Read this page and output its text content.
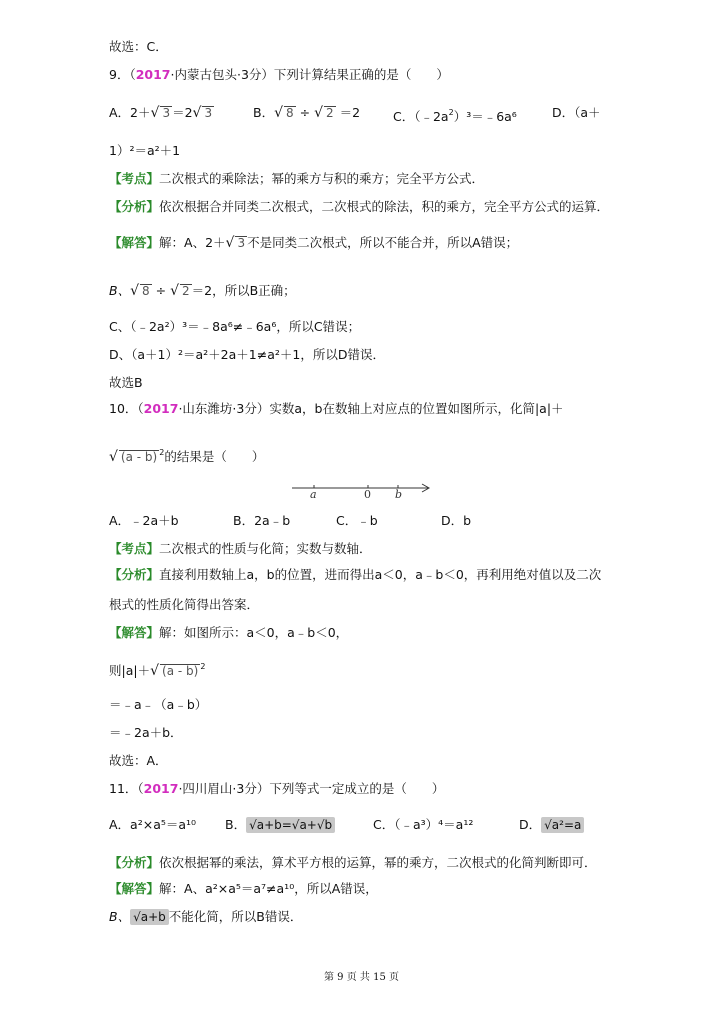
故选：C．
9．（2017·内蒙古包头·3分）下列计算结果正确的是（　　）
A．2＋√ 3 ＝2√ 3	B．√ 8 ÷ √ 2 ＝2	C．$(﹣2a^2)^3=﹣6a^6$	D．（a＋
1）²＝a²＋1
【考点】二次根式的乘除法；幂的乘方与积的乘方；完全平方公式．
【分析】依次根据合并同类二次根式，二次根式的除法，积的乘方，完全平方公式的运算．
【解答】解：A、2＋√ 3 不是同类二次根式，所以不能合并，所以A错误；
B、√ 8 ÷ √ 2 ＝2，所以B正确；
C、（﹣2a²）³＝﹣8a⁶≠﹣6a⁶，所以C错误；
D、（a＋1）²＝a²＋2a＋1≠a²＋1，所以D错误．
故选B
10．（2017·山东潍坊·3分）实数a，b在数轴上对应点的位置如图所示，化简|a|＋
√ (a - b) $^2$的结果是（　　）
a	0 b
A．﹣2a＋b	B．2a﹣b	C．﹣b	D．b
【考点】二次根式的性质与化简；实数与数轴．
【分析】直接利用数轴上a，b的位置，进而得出a＜0，a﹣b＜0，再利用绝对值以及二次
根式的性质化简得出答案．
【解答】解：如图所示：a＜0，a﹣b＜0，
则|a|＋√ (a - b) $^2$
＝﹣a﹣（a﹣b）
＝﹣2a＋b．
故选：A．
11．（2017·四川眉山·3分）下列等式一定成立的是（　　）
A．a²×a⁵＝a¹⁰ B． √a+b=√a+√b	C．（﹣a³）⁴＝a¹²	D． √a²=a
【分析】依次根据幂的乘法，算术平方根的运算，幂的乘方，二次根式的化简判断即可．
【解答】解：A、a²×a⁵＝a⁷≠a¹⁰，所以A错误，
B、 √a+b 不能化简，所以B错误．
第 9 页 共 15 页
